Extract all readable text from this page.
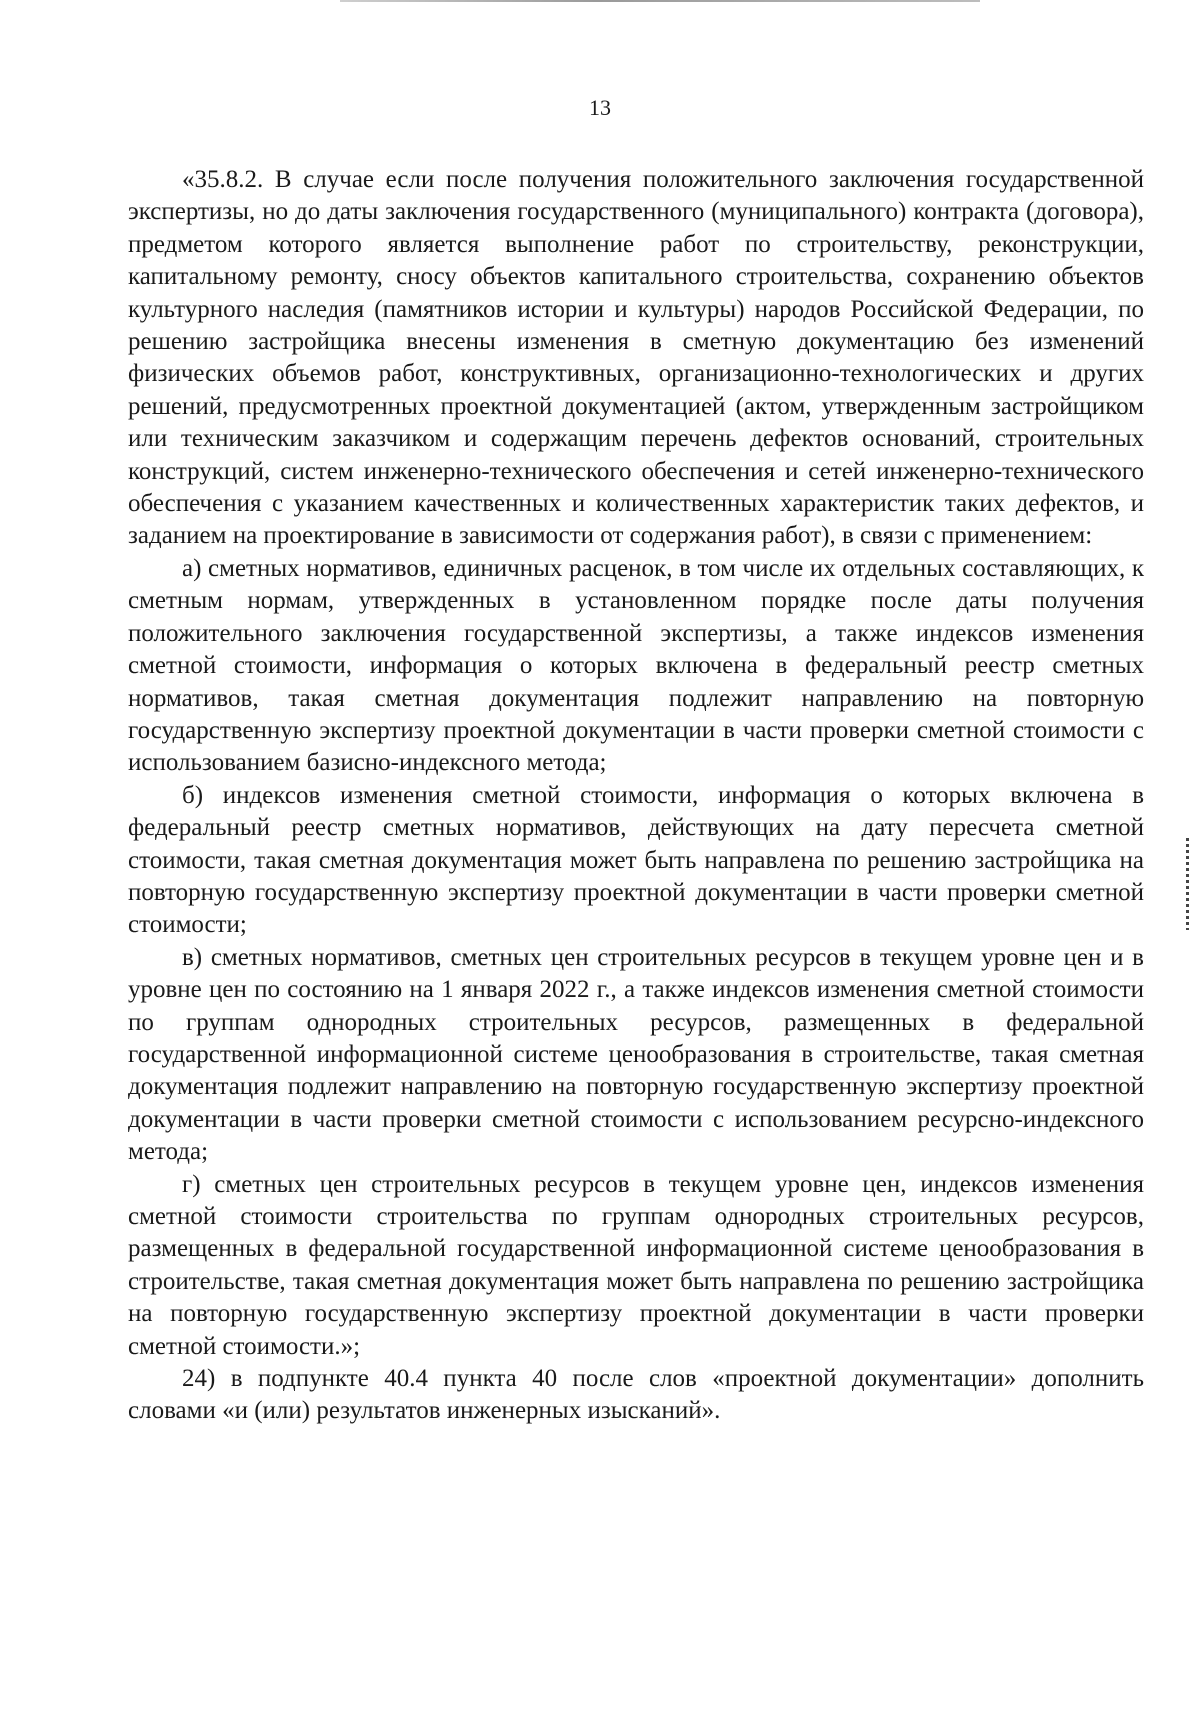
13

«35.8.2. В случае если после получения положительного заключения государственной экспертизы, но до даты заключения государственного (муниципального) контракта (договора), предметом которого является выполнение работ по строительству, реконструкции, капитальному ремонту, сносу объектов капитального строительства, сохранению объектов культурного наследия (памятников истории и культуры) народов Российской Федерации, по решению застройщика внесены изменения в сметную документацию без изменений физических объемов работ, конструктивных, организационно-технологических и других решений, предусмотренных проектной документацией (актом, утвержденным застройщиком или техническим заказчиком и содержащим перечень дефектов оснований, строительных конструкций, систем инженерно-технического обеспечения и сетей инженерно-технического обеспечения с указанием качественных и количественных характеристик таких дефектов, и заданием на проектирование в зависимости от содержания работ), в связи с применением:

а) сметных нормативов, единичных расценок, в том числе их отдельных составляющих, к сметным нормам, утвержденных в установленном порядке после даты получения положительного заключения государственной экспертизы, а также индексов изменения сметной стоимости, информация о которых включена в федеральный реестр сметных нормативов, такая сметная документация подлежит направлению на повторную государственную экспертизу проектной документации в части проверки сметной стоимости с использованием базисно-индексного метода;

б) индексов изменения сметной стоимости, информация о которых включена в федеральный реестр сметных нормативов, действующих на дату пересчета сметной стоимости, такая сметная документация может быть направлена по решению застройщика на повторную государственную экспертизу проектной документации в части проверки сметной стоимости;

в) сметных нормативов, сметных цен строительных ресурсов в текущем уровне цен и в уровне цен по состоянию на 1 января 2022 г., а также индексов изменения сметной стоимости по группам однородных строительных ресурсов, размещенных в федеральной государственной информационной системе ценообразования в строительстве, такая сметная документация подлежит направлению на повторную государственную экспертизу проектной документации в части проверки сметной стоимости с использованием ресурсно-индексного метода;

г) сметных цен строительных ресурсов в текущем уровне цен, индексов изменения сметной стоимости строительства по группам однородных строительных ресурсов, размещенных в федеральной государственной информационной системе ценообразования в строительстве, такая сметная документация может быть направлена по решению застройщика на повторную государственную экспертизу проектной документации в части проверки сметной стоимости.»;

24) в подпункте 40.4 пункта 40 после слов «проектной документации» дополнить словами «и (или) результатов инженерных изысканий».
